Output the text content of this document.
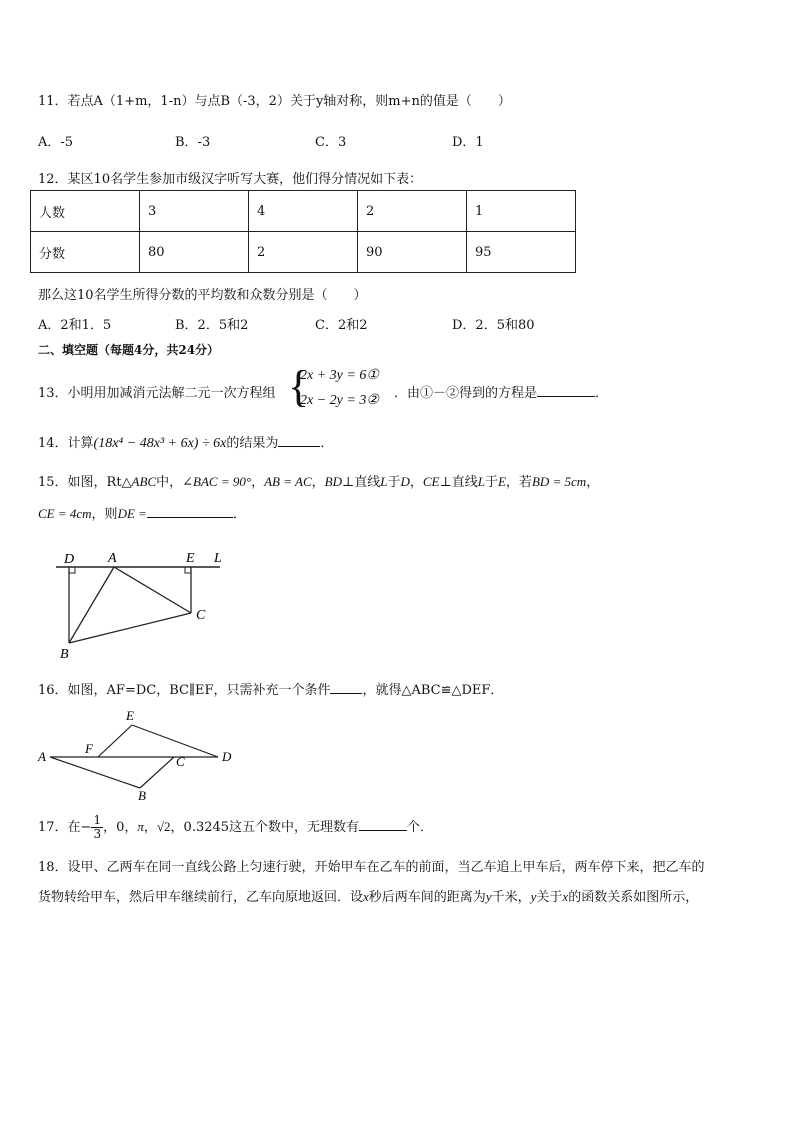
11．若点A（1+m，1-n）与点B（-3，2）关于y轴对称，则m+n的值是（　　）
A．-5	B．-3	C．3	D．1
12．某区10名学生参加市级汉字听写大赛，他们得分情况如下表：
人数	3	4	2	1
分数	80	2	90	95
那么这10名学生所得分数的平均数和众数分别是（　　）
A．2和1．5	B．2．5和2	C．2和2	D．2．5和80
二、填空题（每题4分，共24分）
13．小明用加减消元法解二元一次方程组 {
2x + 3y = 6①
2x − 2y = 3② ．由①－②得到的方程是	．
14．计算(18x⁴ − 48x³ + 6x) ÷ 6x的结果为	．
15．如图，Rt△ABC中，∠BAC = 90°，AB = AC，BD⊥直线L于D，CE⊥直线L于E，若BD = 5cm，
CE = 4cm，则DE =	．
D A	E L
B
C
16．如图，AF=DC，BC∥EF，只需补充一个条件 ，就得△ABC≌△DEF．
E
F
A	C	D
B
17．在− $\frac{1}{3}$ ，0，π，√2，0.3245这五个数中，无理数有	个．
18．设甲、乙两车在同一直线公路上匀速行驶，开始甲车在乙车的前面，当乙车追上甲车后，两车停下来，把乙车的
货物转给甲车，然后甲车继续前行，乙车向原地返回．设x秒后两车间的距离为y千米，y关于x的函数关系如图所示，
